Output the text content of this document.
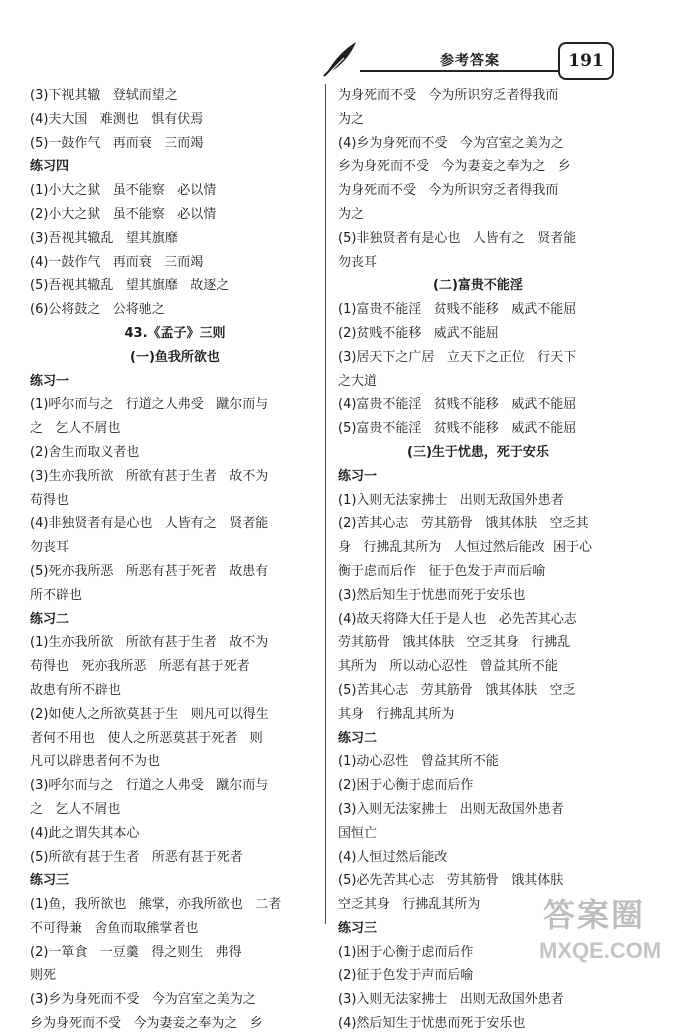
参考答案	191
(3)下视其辙   登轼而望之
(4)夫大国   难测也   惧有伏焉
(5)一鼓作气   再而衰   三而竭
练习四
(1)小大之狱   虽不能察   必以情
(2)小大之狱   虽不能察   必以情
(3)吾视其辙乱   望其旗靡
(4)一鼓作气   再而衰   三而竭
(5)吾视其辙乱   望其旗靡   故逐之
(6)公将鼓之   公将驰之
43.《孟子》三则
(一)鱼我所欲也
练习一
(1)呼尔而与之   行道之人弗受   蹴尔而与
之   乞人不屑也
(2)舍生而取义者也
(3)生亦我所欲   所欲有甚于生者   故不为
苟得也
(4)非独贤者有是心也   人皆有之   贤者能
勿丧耳
(5)死亦我所恶   所恶有甚于死者   故患有
所不辟也
练习二
(1)生亦我所欲   所欲有甚于生者   故不为
苟得也   死亦我所恶   所恶有甚于死者
故患有所不辟也
(2)如使人之所欲莫甚于生   则凡可以得生
者何不用也   使人之所恶莫甚于死者   则
凡可以辟患者何不为也
(3)呼尔而与之   行道之人弗受   蹴尔而与
之   乞人不屑也
(4)此之谓失其本心
(5)所欲有甚于生者   所恶有甚于死者
练习三
(1)鱼，我所欲也   熊掌，亦我所欲也   二者
不可得兼   舍鱼而取熊掌者也
(2)一箪食   一豆羹   得之则生   弗得
则死
(3)乡为身死而不受   今为宫室之美为之
乡为身死而不受   今为妻妾之奉为之   乡
为身死而不受   今为所识穷乏者得我而
为之
(4)乡为身死而不受   今为宫室之美为之
乡为身死而不受   今为妻妾之奉为之   乡
为身死而不受   今为所识穷乏者得我而
为之
(5)非独贤者有是心也   人皆有之   贤者能
勿丧耳
(二)富贵不能淫
(1)富贵不能淫   贫贱不能移   威武不能屈
(2)贫贱不能移   威武不能屈
(3)居天下之广居   立天下之正位   行天下
之大道
(4)富贵不能淫   贫贱不能移   威武不能屈
(5)富贵不能淫   贫贱不能移   威武不能屈
(三)生于忧患，死于安乐
练习一
(1)入则无法家拂士   出则无敌国外患者
(2)苦其心志   劳其筋骨   饿其体肤   空乏其
身   行拂乱其所为   人恒过然后能改  困于心
衡于虑而后作   征于色发于声而后喻
(3)然后知生于忧患而死于安乐也
(4)故天将降大任于是人也   必先苦其心志
劳其筋骨   饿其体肤   空乏其身   行拂乱
其所为   所以动心忍性   曾益其所不能
(5)苦其心志   劳其筋骨   饿其体肤   空乏
其身   行拂乱其所为
练习二
(1)动心忍性   曾益其所不能
(2)困于心衡于虑而后作
(3)入则无法家拂士   出则无敌国外患者
国恒亡
(4)人恒过然后能改
(5)必先苦其心志   劳其筋骨   饿其体肤
空乏其身   行拂乱其所为
练习三
(1)困于心衡于虑而后作
(2)征于色发于声而后喻
(3)入则无法家拂士   出则无敌国外患者
(4)然后知生于忧患而死于安乐也
答案圈
MXQE.COM
